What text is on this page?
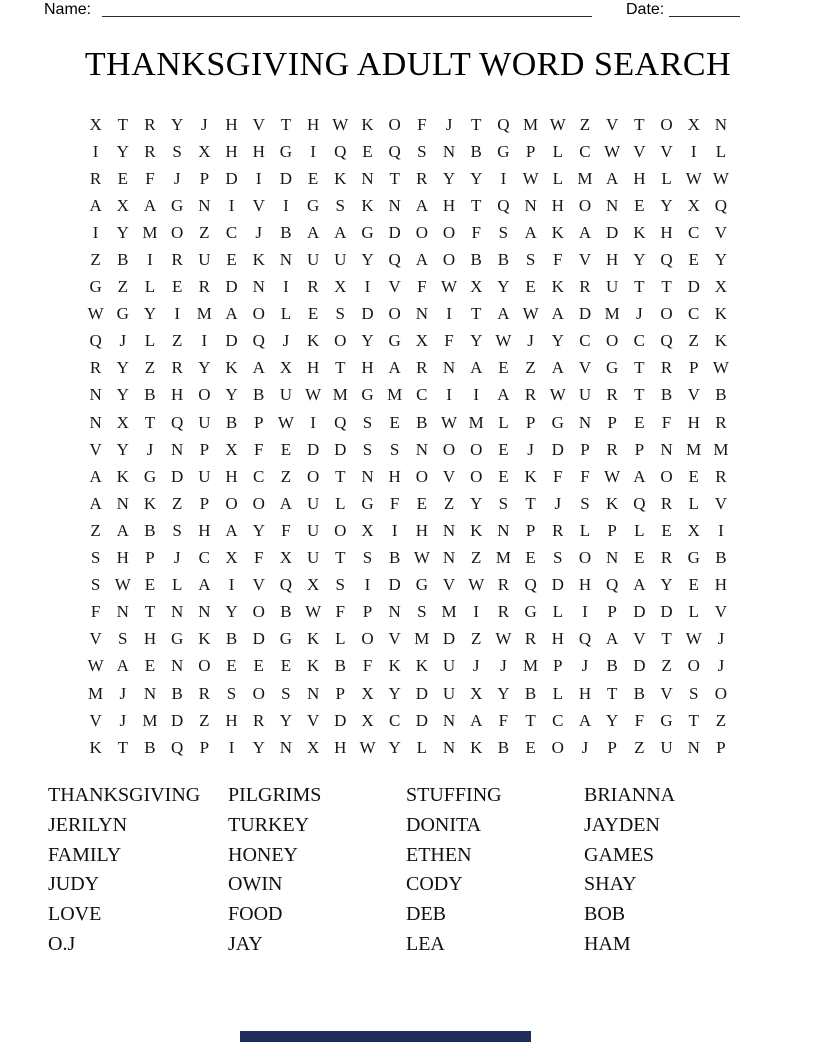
Name:	Date:
THANKSGIVING ADULT WORD SEARCH
X T R Y	J	H V T H W K O F	J	T Q M W Z V T O X N
I	Y R S X H H G	I	Q E Q S N B G P	L C W V V	I	L
R E	F	J	P D	I	D E K N T R Y Y	I W L M A H L W W
A X A G N	I	V	I	G S K N A H T Q N H O N E Y X Q
I	Y M O Z C	J	B A A G D O O F	S A K A D K H C V
Z B	I	R U E K N U U Y Q A O B B S	F V H Y Q E Y
G Z L E R D N	I	R X	I	V F W X Y E K R U T T D X
W G Y	I M A O L E	S D O N	I	T A W A D M J	O C K
Q	J	L Z	I	D Q	J	K O Y G X F Y W J	Y C O C Q Z K
R Y Z R Y K A X H T H A R N A E Z A V G T R P W
N Y B H O Y B U W M G M C	I	I	A R W U R T B V B
N X T Q U B P W I	Q S	E B W M L	P G N P	E	F H R
V Y	J	N P X F	E D D S	S N O O E	J	D P R P N M M
A K G D U H C Z O T N H O V O E K F	F W A O E R
A N K Z	P O O A U L G F	E Z Y S	T	J	S K Q R L V
Z A B S H A Y F U O X	I	H N K N P R L	P	L E X	I
S H P	J	C X F X U T	S B W N Z M E	S O N E R G B
S W E L A	I	V Q X S	I	D G V W R Q D H Q A Y E H
F N T N N Y O B W F	P N S M I	R G L	I	P D D L V
V S H G K B D G K L O V M D Z W R H Q A V T W J
W A E N O E E E K B F K K U	J	J M P	J	B D Z O	J
M J	N B R S O S N P X Y D U X Y B L H T B V S O
V	J M D Z H R Y V D X C D N A F	T C A Y F G T Z
K T B Q P	I	Y N X H W Y L N K B E O	J	P	Z U N P
THANKSGIVING
JERILYN
FAMILY
JUDY
LOVE
O.J
PILGRIMS
TURKEY
HONEY
OWIN
FOOD
JAY
STUFFING
DONITA
ETHEN
CODY
DEB
LEA
BRIANNA
JAYDEN
GAMES
SHAY
BOB
HAM
